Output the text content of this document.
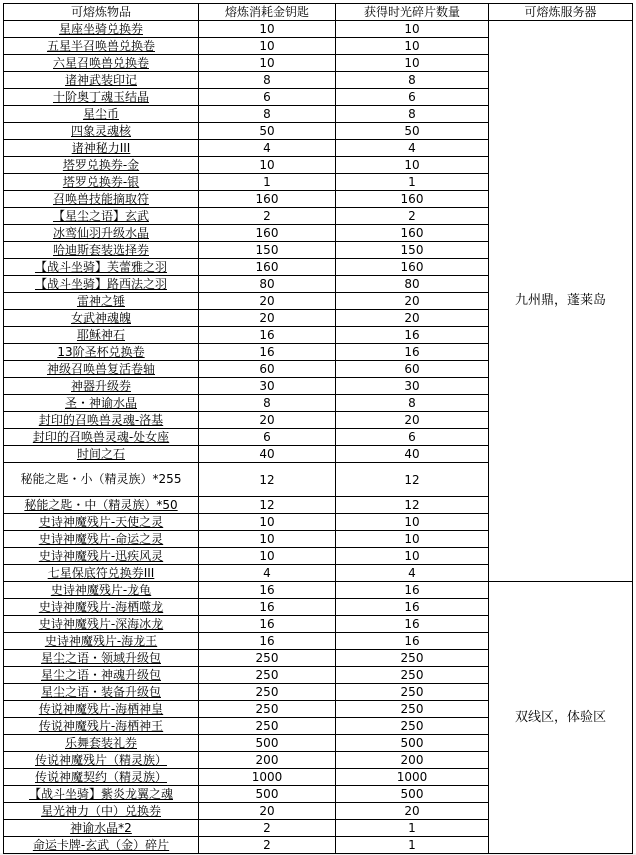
可熔炼物品	熔炼消耗金钥匙	获得时光碎片数量	可熔炼服务器
星座坐骑兑换券	10	10	九州鼎，蓬莱岛
五星半召唤兽兑换卷	10	10	
六星召唤兽兑换卷	10	10	
诸神武装印记	8	8	
十阶奥丁魂玉结晶	6	6	
星尘币	8	8	
四象灵魂核	50	50	
诸神秘力III	4	4	
塔罗兑换券-金	10	10	
塔罗兑换券-银	1	1	
召唤兽技能摘取符	160	160	
【星尘之语】玄武	2	2	
冰鸾仙羽升级水晶	160	160	
哈迪斯套装选择券	150	150	
【战斗坐骑】芙蕾雅之羽	160	160	
【战斗坐骑】路西法之羽	80	80	
雷神之锤	20	20	
女武神魂魄	20	20	
耶稣神石	16	16	
13阶圣杯兑换卷	16	16	
神级召唤兽复活卷轴	60	60	
神器升级券	30	30	
圣・神谕水晶	8	8	
封印的召唤兽灵魂-洛基	20	20	
封印的召唤兽灵魂-处女座	6	6	
时间之石	40	40	
秘能之匙・小（精灵族）*255	12	12	
秘能之匙・中（精灵族）*50	12	12	
史诗神魔残片-天使之灵	10	10	
史诗神魔残片-命运之灵	10	10	
史诗神魔残片-迅疾风灵	10	10	
七星保底符兑换券III	4	4	
史诗神魔残片-龙龟	16	16	双线区，体验区
史诗神魔残片-海栖噬龙	16	16	
史诗神魔残片-深海冰龙	16	16	
史诗神魔残片-海龙王	16	16	
星尘之语・领域升级包	250	250	
星尘之语・神魂升级包	250	250	
星尘之语・装备升级包	250	250	
传说神魔残片-海栖神皇	250	250	
传说神魔残片-海栖神王	250	250	
乐舞套装礼券	500	500	
传说神魔残片（精灵族）	200	200	
传说神魔契约（精灵族）	1000	1000	
【战斗坐骑】紫炎龙翼之魂	500	500	
星光神力（中）兑换券	20	20	
神谕水晶*2	2	1	
命运卡牌-玄武（金）碎片	2	1	
